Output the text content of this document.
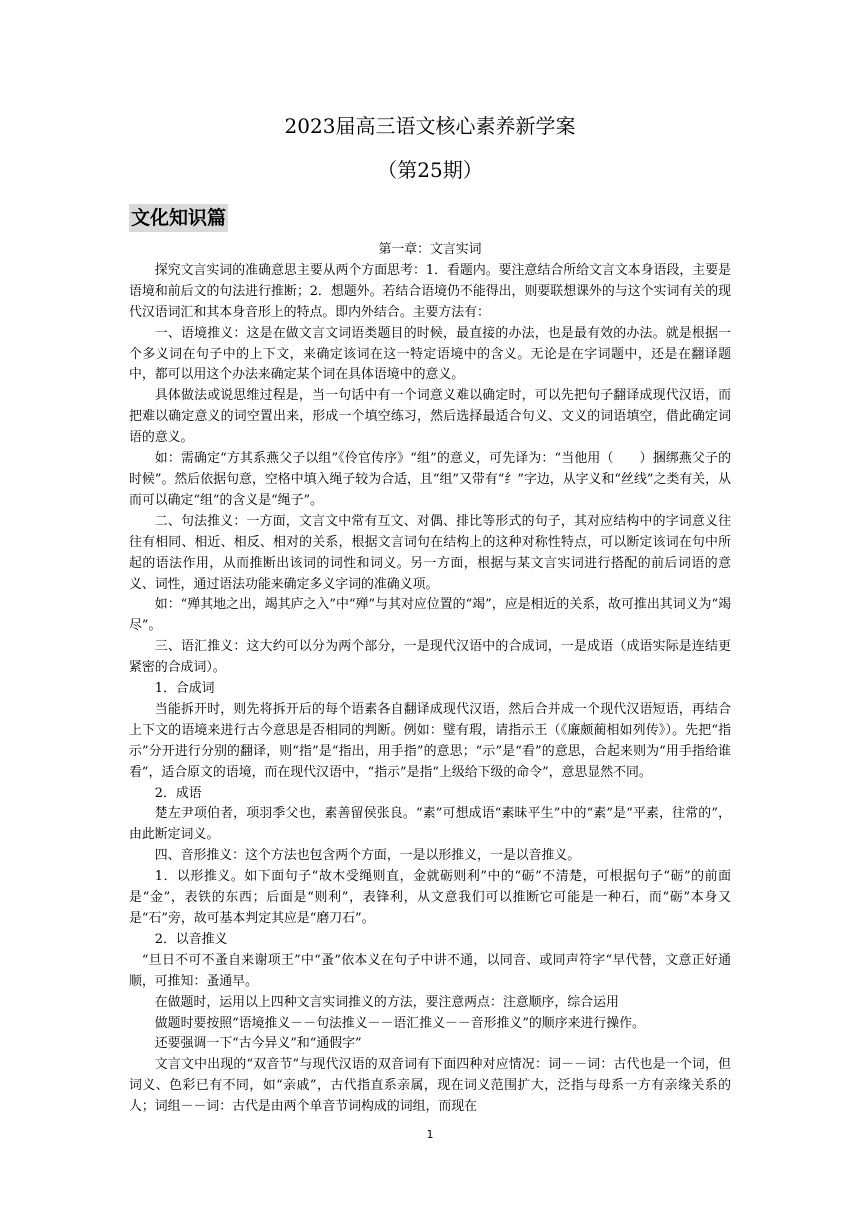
2023届高三语文核心素养新学案
（第25期）
文化知识篇
第一章：文言实词

探究文言实词的准确意思主要从两个方面思考：1．看题内。要注意结合所给文言文本身语段，主要是语境和前后文的句法进行推断；2．想题外。若结合语境仍不能得出，则要联想课外的与这个实词有关的现代汉语词汇和其本身音形上的特点。即内外结合。主要方法有：

一、语境推义：这是在做文言文词语类题目的时候，最直接的办法，也是最有效的办法。就是根据一个多义词在句子中的上下文，来确定该词在这一特定语境中的含义。无论是在字词题中，还是在翻译题中，都可以用这个办法来确定某个词在具体语境中的意义。

具体做法或说思维过程是，当一句话中有一个词意义难以确定时，可以先把句子翻译成现代汉语，而把难以确定意义的词空置出来，形成一个填空练习，然后选择最适合句义、文义的词语填空，借此确定词语的意义。

如：需确定“方其系燕父子以组”《伶官传序》“组”的意义，可先译为：“当他用（　　）捆绑燕父子的时候”。然后依据句意，空格中填入绳子较为合适，且“组”又带有“纟”字边，从字义和“丝线”之类有关，从而可以确定“组”的含义是“绳子”。

二、句法推义：一方面，文言文中常有互文、对偶、排比等形式的句子，其对应结构中的字词意义往往有相同、相近、相反、相对的关系，根据文言词句在结构上的这种对称性特点，可以断定该词在句中所起的语法作用，从而推断出该词的词性和词义。另一方面，根据与某文言实词进行搭配的前后词语的意义、词性，通过语法功能来确定多义字词的准确义项。

如：“殚其地之出，竭其庐之入”中“殚”与其对应位置的“竭”，应是相近的关系，故可推出其词义为“竭尽”。

三、语汇推义：这大约可以分为两个部分，一是现代汉语中的合成词，一是成语（成语实际是连结更紧密的合成词）。

1．合成词

当能拆开时，则先将拆开后的每个语素各自翻译成现代汉语，然后合并成一个现代汉语短语，再结合上下文的语境来进行古今意思是否相同的判断。例如：璧有瑕，请指示王（《廉颇蔺相如列传》）。先把“指示”分开进行分别的翻译，则“指”是“指出，用手指”的意思；“示”是“看”的意思，合起来则为“用手指给谁看”，适合原文的语境，而在现代汉语中，“指示”是指“上级给下级的命令”，意思显然不同。

2．成语

楚左尹项伯者，项羽季父也，素善留侯张良。“素”可想成语“素昧平生”中的“素”是“平素，往常的”，由此断定词义。

四、音形推义：这个方法也包含两个方面，一是以形推义，一是以音推义。

1．以形推义。如下面句子“故木受绳则直，金就砺则利”中的“砺”不清楚，可根据句子“砺”的前面是“金”，表铁的东西；后面是“则利”，表锋利，从文意我们可以推断它可能是一种石，而“砺”本身又是“石”旁，故可基本判定其应是“磨刀石”。

2．以音推义

“旦日不可不蚤自来谢项王”中“蚤”依本义在句子中讲不通，以同音、或同声符字“早代替，文意正好通顺，可推知：蚤通早。

在做题时，运用以上四种文言实词推义的方法，要注意两点：注意顺序，综合运用

做题时要按照“语境推义－－句法推义－－语汇推义－－音形推义”的顺序来进行操作。

还要强调一下“古今异义”和“通假字”

文言文中出现的“双音节”与现代汉语的双音词有下面四种对应情况：词－－词：古代也是一个词，但词义、色彩已有不同，如“亲戚”，古代指直系亲属，现在词义范围扩大，泛指与母系一方有亲缘关系的人；词组－－词：古代是由两个单音节词构成的词组，而现在

1
